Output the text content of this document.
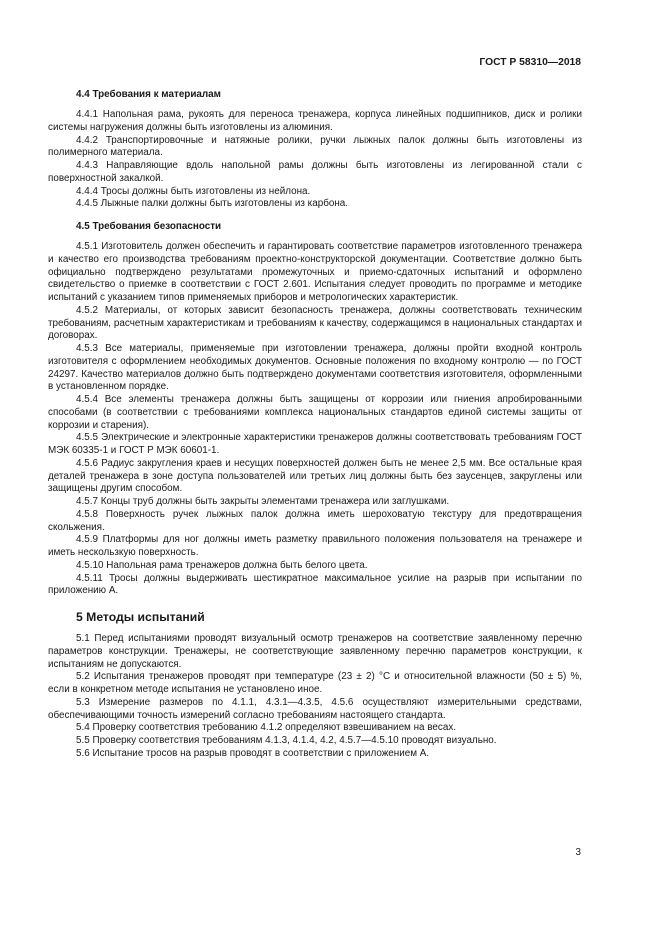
ГОСТ Р 58310—2018
4.4 Требования к материалам

4.4.1 Напольная рама, рукоять для переноса тренажера, корпуса линейных подшипников, диск и ролики системы нагружения должны быть изготовлены из алюминия.

4.4.2 Транспортировочные и натяжные ролики, ручки лыжных палок должны быть изготовлены из полимерного материала.

4.4.3 Направляющие вдоль напольной рамы должны быть изготовлены из легированной стали с поверхностной закалкой.

4.4.4 Тросы должны быть изготовлены из нейлона.

4.4.5 Лыжные палки должны быть изготовлены из карбона.

4.5 Требования безопасности

4.5.1 Изготовитель должен обеспечить и гарантировать соответствие параметров изготовленного тренажера и качество его производства требованиям проектно-конструкторской документации. Соответствие должно быть официально подтверждено результатами промежуточных и приемо-сдаточных испытаний и оформлено свидетельство о приемке в соответствии с ГОСТ 2.601. Испытания следует проводить по программе и методике испытаний с указанием типов применяемых приборов и метрологических характеристик.

4.5.2 Материалы, от которых зависит безопасность тренажера, должны соответствовать техническим требованиям, расчетным характеристикам и требованиям к качеству, содержащимся в национальных стандартах и договорах.

4.5.3 Все материалы, применяемые при изготовлении тренажера, должны пройти входной контроль изготовителя с оформлением необходимых документов. Основные положения по входному контролю — по ГОСТ 24297. Качество материалов должно быть подтверждено документами соответствия изготовителя, оформленными в установленном порядке.

4.5.4 Все элементы тренажера должны быть защищены от коррозии или гниения апробированными способами (в соответствии с требованиями комплекса национальных стандартов единой системы защиты от коррозии и старения).

4.5.5 Электрические и электронные характеристики тренажеров должны соответствовать требованиям ГОСТ МЭК 60335-1 и ГОСТ Р МЭК 60601-1.

4.5.6 Радиус закругления краев и несущих поверхностей должен быть не менее 2,5 мм. Все остальные края деталей тренажера в зоне доступа пользователей или третьих лиц должны быть без заусенцев, закруглены или защищены другим способом.

4.5.7 Концы труб должны быть закрыты элементами тренажера или заглушками.

4.5.8 Поверхность ручек лыжных палок должна иметь шероховатую текстуру для предотвращения скольжения.

4.5.9 Платформы для ног должны иметь разметку правильного положения пользователя на тренажере и иметь нескользкую поверхность.

4.5.10 Напольная рама тренажеров должна быть белого цвета.

4.5.11 Тросы должны выдерживать шестикратное максимальное усилие на разрыв при испытании по приложению А.

5 Методы испытаний

5.1 Перед испытаниями проводят визуальный осмотр тренажеров на соответствие заявленному перечню параметров конструкции. Тренажеры, не соответствующие заявленному перечню параметров конструкции, к испытаниям не допускаются.

5.2 Испытания тренажеров проводят при температуре (23 ± 2) °С и относительной влажности (50 ± 5) %, если в конкретном методе испытания не установлено иное.

5.3 Измерение размеров по 4.1.1, 4.3.1—4.3.5, 4.5.6 осуществляют измерительными средствами, обеспечивающими точность измерений согласно требованиям настоящего стандарта.

5.4 Проверку соответствия требованию 4.1.2 определяют взвешиванием на весах.

5.5 Проверку соответствия требованиям 4.1.3, 4.1.4, 4.2, 4.5.7—4.5.10 проводят визуально.

5.6 Испытание тросов на разрыв проводят в соответствии с приложением А.

3
